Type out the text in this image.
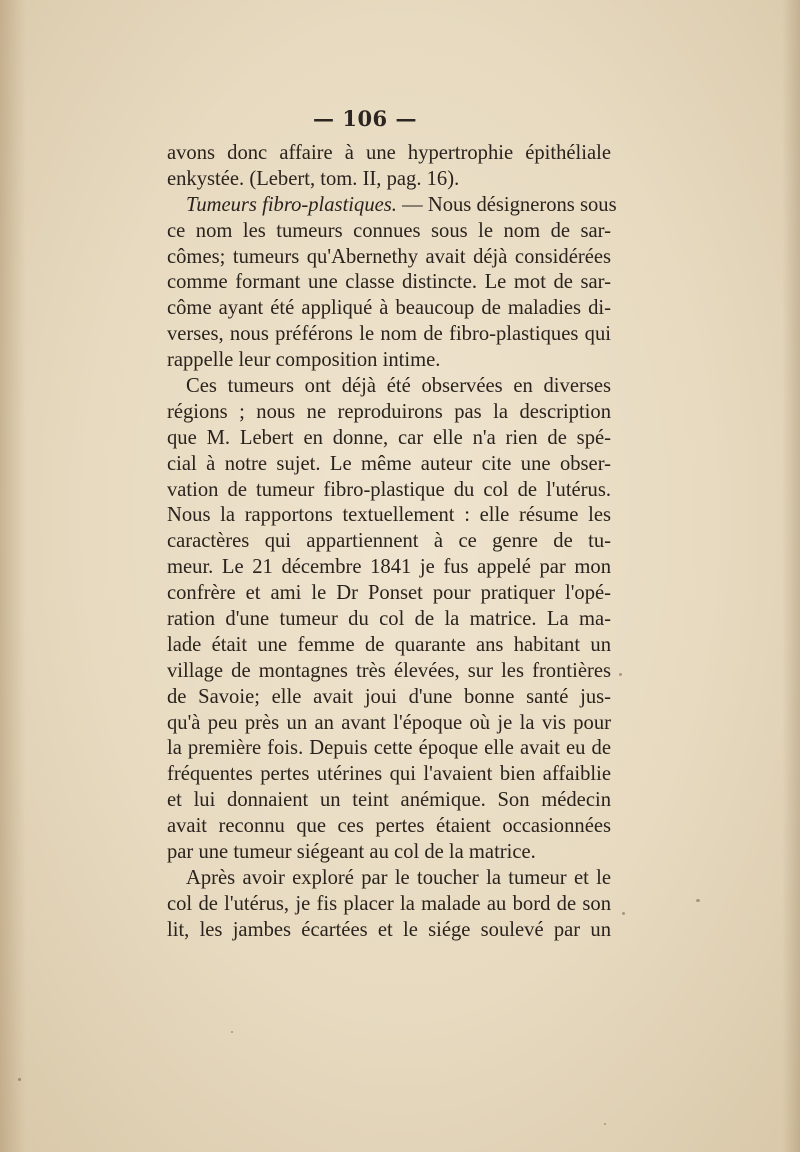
— 106 —
avons donc affaire à une hypertrophie épithéliale
enkystée. (Lebert, tom. II, pag. 16).
Tumeurs fibro-plastiques. — Nous désignerons sous
ce nom les tumeurs connues sous le nom de sar-
cômes; tumeurs qu'Abernethy avait déjà considérées
comme formant une classe distincte. Le mot de sar-
côme ayant été appliqué à beaucoup de maladies di-
verses, nous préférons le nom de fibro-plastiques qui
rappelle leur composition intime.
Ces tumeurs ont déjà été observées en diverses
régions ; nous ne reproduirons pas la description
que M. Lebert en donne, car elle n'a rien de spé-
cial à notre sujet. Le même auteur cite une obser-
vation de tumeur fibro-plastique du col de l'utérus.
Nous la rapportons textuellement : elle résume les
caractères qui appartiennent à ce genre de tu-
meur. Le 21 décembre 1841 je fus appelé par mon
confrère et ami le Dr Ponset pour pratiquer l'opé-
ration d'une tumeur du col de la matrice. La ma-
lade était une femme de quarante ans habitant un
village de montagnes très élevées, sur les frontières
de Savoie; elle avait joui d'une bonne santé jus-
qu'à peu près un an avant l'époque où je la vis pour
la première fois. Depuis cette époque elle avait eu de
fréquentes pertes utérines qui l'avaient bien affaiblie
et lui donnaient un teint anémique. Son médecin
avait reconnu que ces pertes étaient occasionnées
par une tumeur siégeant au col de la matrice.
Après avoir exploré par le toucher la tumeur et le
col de l'utérus, je fis placer la malade au bord de son
lit, les jambes écartées et le siége soulevé par un
